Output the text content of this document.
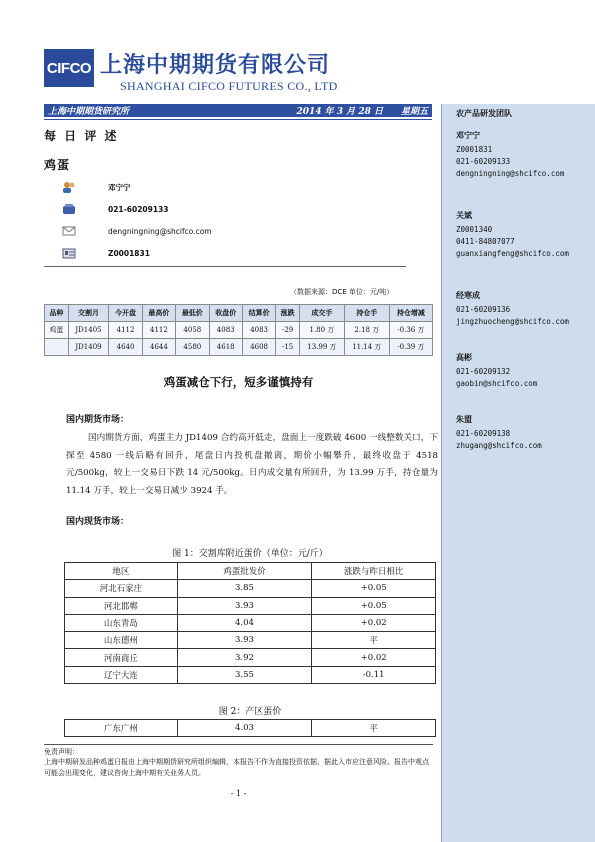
CIFCO 上海中期期货有限公司
SHANGHAI CIFCO FUTURES CO., LTD
上海中期期货研究所	2014 年 3 月 28 日 星期五
每 日 评 述
鸡蛋
邓宁宁
021-60209133
dengningning@shcifco.com
Z0001831
（数据来源：DCE 单位：元/吨）
品种	交割月	今开盘	最高价	最低价	收盘价	结算价	涨跌	成交手	持仓手	持仓增减
鸡蛋	JD1405	4112	4112	4058	4083	4083	-29	1.80 万	2.18 万	-0.36 万
	JD1409	4640	4644	4580	4618	4608	-15	13.99 万	11.14 万	-0.39 万
鸡蛋减仓下行，短多谨慎持有
国内期货市场：
国内期货方面，鸡蛋主力 JD1409 合约高开低走，盘面上一度跌破 4600 一线整数关口，下探至 4580 一线后略有回升，尾盘日内投机盘撤离，期价小幅攀升，最终收盘于 4518 元/500kg，较上一交易日下跌 14 元/500kg。日内成交量有所回升，为 13.99 万手，持仓量为 11.14 万手，较上一交易日减少 3924 手。
国内现货市场：
图 1：交割库附近蛋价（单位：元/斤）
地区	鸡蛋批发价	涨跌与昨日相比
河北石家庄	3.85	+0.05
河北邯郸	3.93	+0.05
山东青岛	4.04	+0.02
山东德州	3.93	平
河南商丘	3.92	+0.02
辽宁大连	3.55	-0.11
图 2：产区蛋价
广东广州	4.03	平
免责声明：
上海中期研发品种鸡蛋日报由上海中期期货研究所组织编辑，本报告不作为直接投资依据，据此入市应注意风险。报告中观点可能会出现变化，建议咨询上海中期有关业务人员。
- 1 -
农产品研发团队
邓宁宁
Z0001831
021-60209133
dengningning@shcifco.com
关斌
Z0001340
0411-84807077
guanxiangfeng@shcifco.com
经寒成
021-60209136
jingzhuocheng@shcifco.com
高彬
021-60209132
gaobin@shcifco.com
朱盟
021-60209138
zhugang@shcifco.com
